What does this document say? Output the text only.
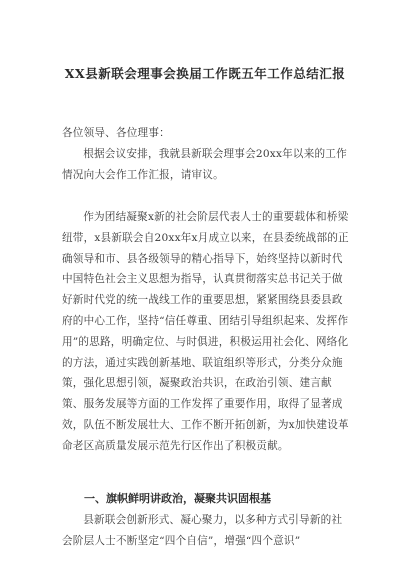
XX县新联会理事会换届工作既五年工作总结汇报

各位领导、各位理事：

根据会议安排，我就县新联会理事会20xx年以来的工作情况向大会作工作汇报，请审议。

作为团结凝聚x新的社会阶层代表人士的重要载体和桥梁纽带，x县新联会自20xx年x月成立以来，在县委统战部的正确领导和市、县各级领导的精心指导下，始终坚持以新时代中国特色社会主义思想为指导，认真贯彻落实总书记关于做好新时代党的统一战线工作的重要思想，紧紧围绕县委县政府的中心工作，坚持“信任尊重、团结引导组织起来、发挥作用”的思路，明确定位、与时俱进，积极运用社会化、网络化的方法，通过实践创新基地、联谊组织等形式，分类分众施策，强化思想引领，凝聚政治共识，在政治引领、建言献策、服务发展等方面的工作发挥了重要作用，取得了显著成效，队伍不断发展壮大、工作不断开拓创新，为x加快建设革命老区高质量发展示范先行区作出了积极贡献。

一、旗帜鲜明讲政治，凝聚共识固根基

县新联会创新形式、凝心聚力，以多种方式引导新的社会阶层人士不断坚定“四个自信”，增强“四个意识”
